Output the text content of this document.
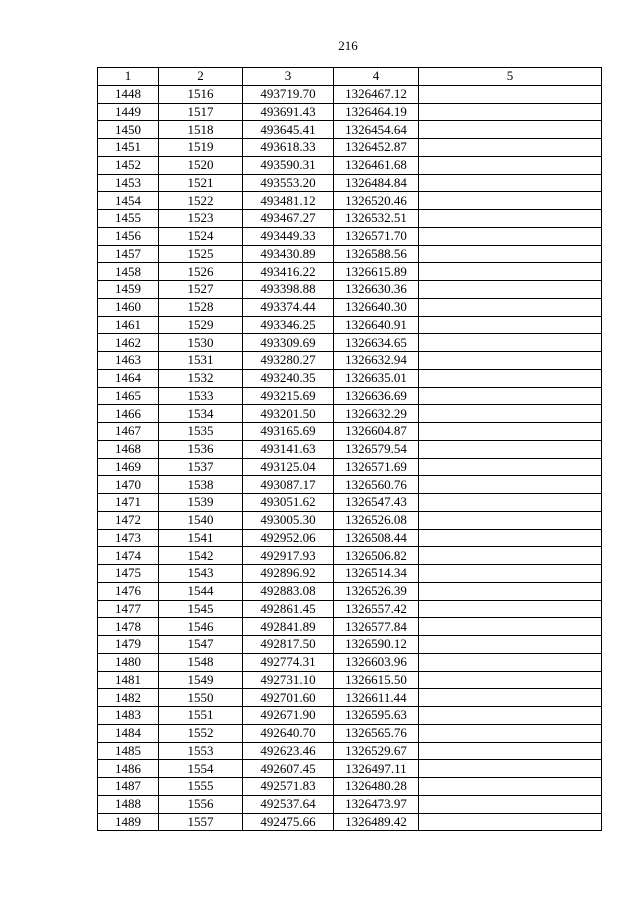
216
1	2	3	4	5
1448	1516	493719.70	1326467.12	
1449	1517	493691.43	1326464.19	
1450	1518	493645.41	1326454.64	
1451	1519	493618.33	1326452.87	
1452	1520	493590.31	1326461.68	
1453	1521	493553.20	1326484.84	
1454	1522	493481.12	1326520.46	
1455	1523	493467.27	1326532.51	
1456	1524	493449.33	1326571.70	
1457	1525	493430.89	1326588.56	
1458	1526	493416.22	1326615.89	
1459	1527	493398.88	1326630.36	
1460	1528	493374.44	1326640.30	
1461	1529	493346.25	1326640.91	
1462	1530	493309.69	1326634.65	
1463	1531	493280.27	1326632.94	
1464	1532	493240.35	1326635.01	
1465	1533	493215.69	1326636.69	
1466	1534	493201.50	1326632.29	
1467	1535	493165.69	1326604.87	
1468	1536	493141.63	1326579.54	
1469	1537	493125.04	1326571.69	
1470	1538	493087.17	1326560.76	
1471	1539	493051.62	1326547.43	
1472	1540	493005.30	1326526.08	
1473	1541	492952.06	1326508.44	
1474	1542	492917.93	1326506.82	
1475	1543	492896.92	1326514.34	
1476	1544	492883.08	1326526.39	
1477	1545	492861.45	1326557.42	
1478	1546	492841.89	1326577.84	
1479	1547	492817.50	1326590.12	
1480	1548	492774.31	1326603.96	
1481	1549	492731.10	1326615.50	
1482	1550	492701.60	1326611.44	
1483	1551	492671.90	1326595.63	
1484	1552	492640.70	1326565.76	
1485	1553	492623.46	1326529.67	
1486	1554	492607.45	1326497.11	
1487	1555	492571.83	1326480.28	
1488	1556	492537.64	1326473.97	
1489	1557	492475.66	1326489.42	
